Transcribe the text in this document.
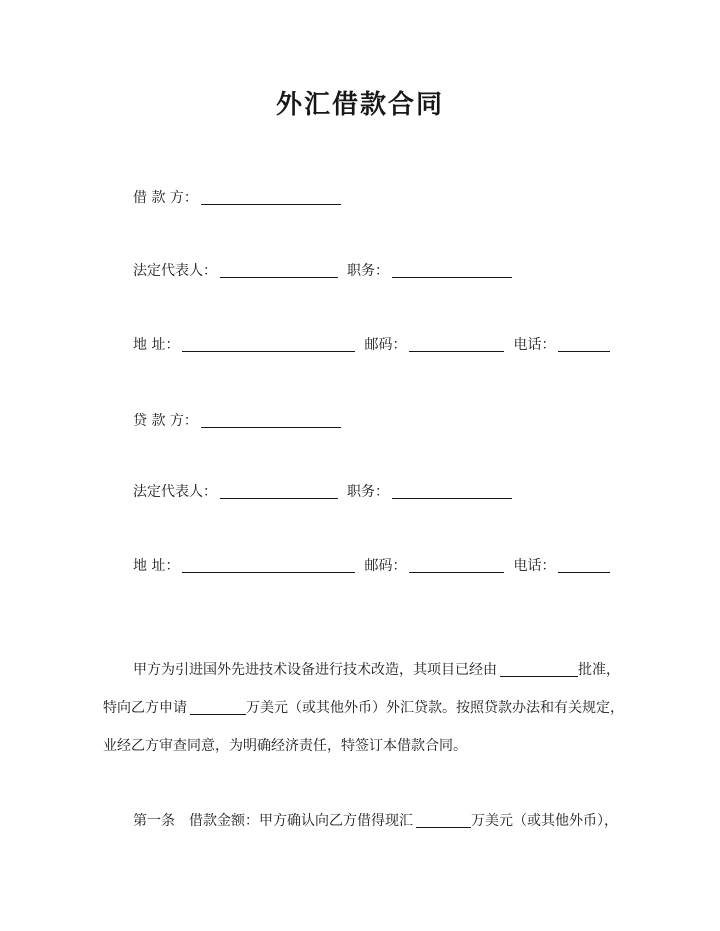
外汇借款合同
借 款 方：
法定代表人：	职务：
地 址：	邮码：	电话：
贷 款 方：
法定代表人：	职务：
地 址：	邮码：	电话：
甲方为引进国外先进技术设备进行技术改造，其项目已经由	批准，
特向乙方申请	万美元（或其他外币）外汇贷款。按照贷款办法和有关规定，
业经乙方审查同意，为明确经济责任，特签订本借款合同。
第一条　借款金额：甲方确认向乙方借得现汇	万美元（或其他外币），
